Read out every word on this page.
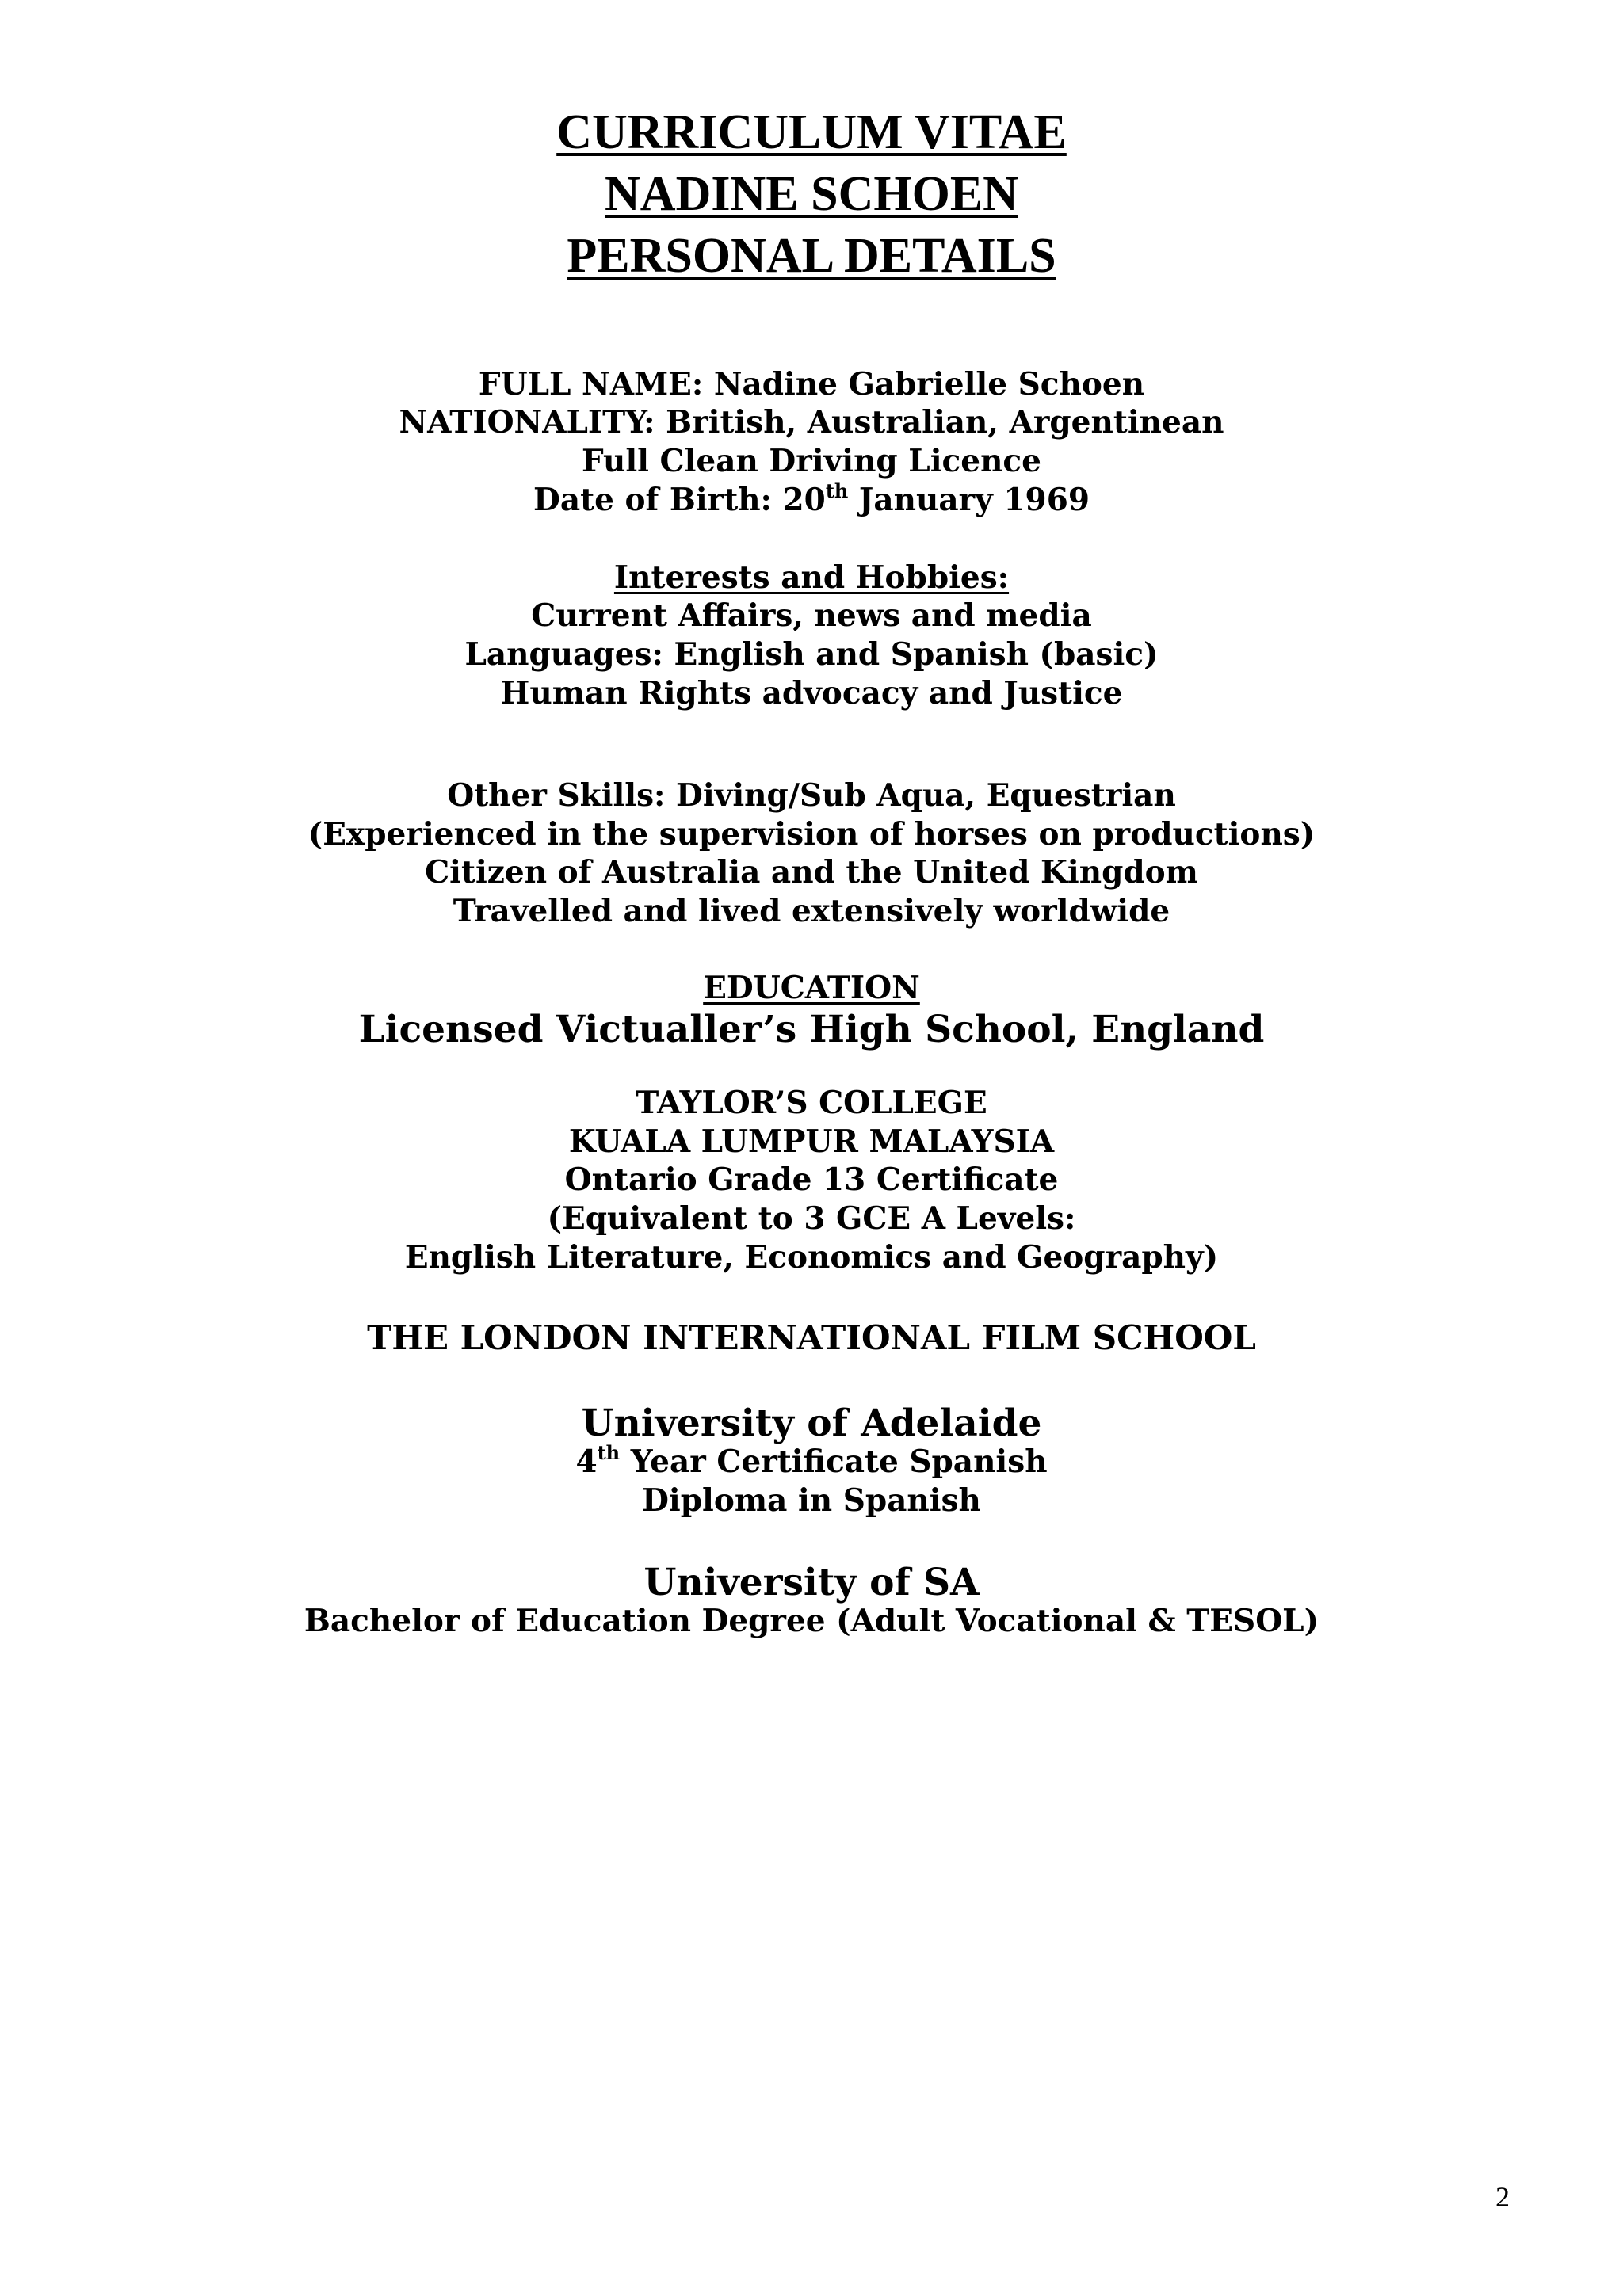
CURRICULUM VITAE
NADINE SCHOEN
PERSONAL DETAILS
FULL NAME: Nadine Gabrielle Schoen
NATIONALITY: British, Australian, Argentinean
Full Clean Driving Licence
Date of Birth: 20th January 1969
Interests and Hobbies:
Current Affairs, news and media
Languages: English and Spanish (basic)
Human Rights advocacy and Justice
Other Skills: Diving/Sub Aqua, Equestrian
(Experienced in the supervision of horses on productions)
Citizen of Australia and the United Kingdom
Travelled and lived extensively worldwide
EDUCATION
Licensed Victualler’s High School, England
TAYLOR’S COLLEGE
KUALA LUMPUR MALAYSIA
Ontario Grade 13 Certificate
(Equivalent to 3 GCE A Levels:
English Literature, Economics and Geography)
THE LONDON INTERNATIONAL FILM SCHOOL
University of Adelaide
4th Year Certificate Spanish
Diploma in Spanish
University of SA
Bachelor of Education Degree (Adult Vocational & TESOL)
2
